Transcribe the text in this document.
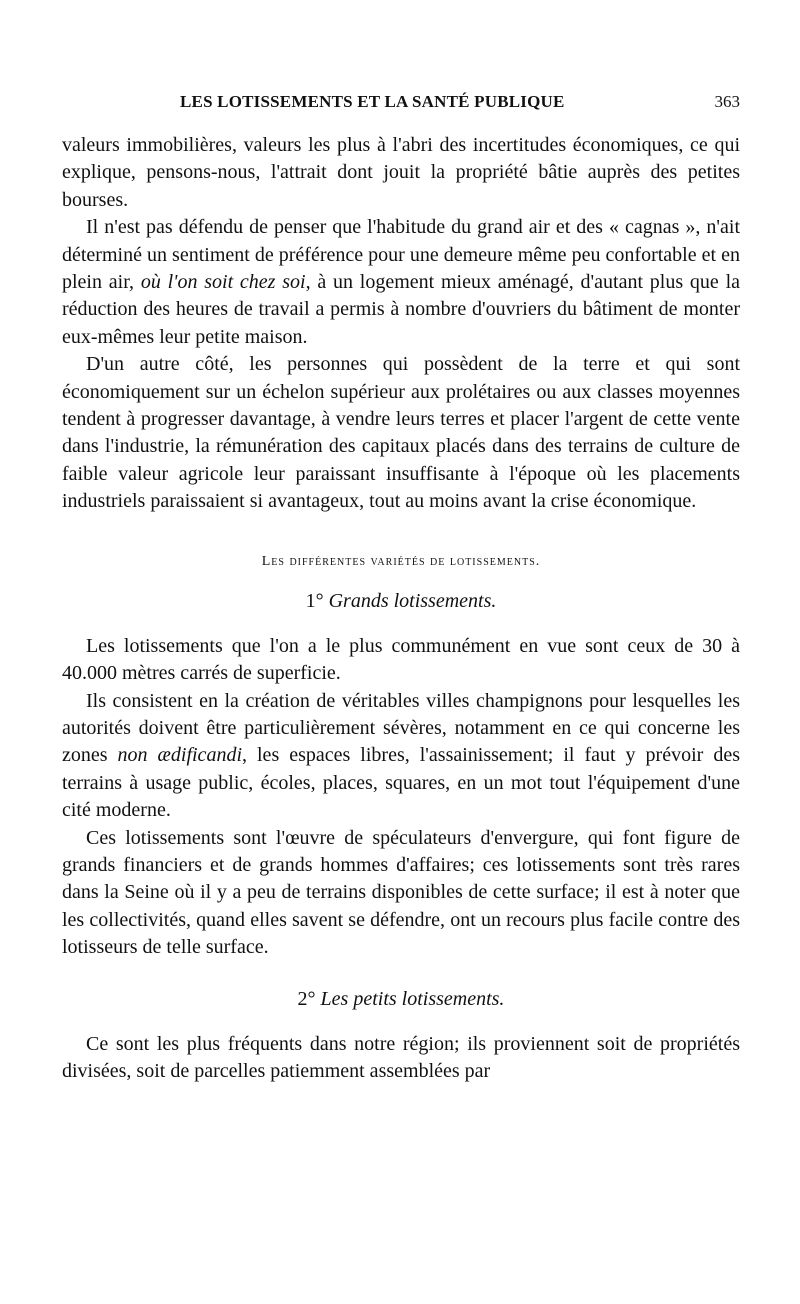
LES LOTISSEMENTS ET LA SANTÉ PUBLIQUE	363

valeurs immobilières, valeurs les plus à l'abri des incertitudes économiques, ce qui explique, pensons-nous, l'attrait dont jouit la propriété bâtie auprès des petites bourses.

Il n'est pas défendu de penser que l'habitude du grand air et des « cagnas », n'ait déterminé un sentiment de préférence pour une demeure même peu confortable et en plein air, où l'on soit chez soi, à un logement mieux aménagé, d'autant plus que la réduction des heures de travail a permis à nombre d'ouvriers du bâtiment de monter eux-mêmes leur petite maison.

D'un autre côté, les personnes qui possèdent de la terre et qui sont économiquement sur un échelon supérieur aux prolétaires ou aux classes moyennes tendent à progresser davantage, à vendre leurs terres et placer l'argent de cette vente dans l'industrie, la rémunération des capitaux placés dans des terrains de culture de faible valeur agricole leur paraissant insuffisante à l'époque où les placements industriels paraissaient si avantageux, tout au moins avant la crise économique.

Les différentes variétés de lotissements.
1° Grands lotissements.

Les lotissements que l'on a le plus communément en vue sont ceux de 30 à 40.000 mètres carrés de superficie.

Ils consistent en la création de véritables villes champignons pour lesquelles les autorités doivent être particulièrement sévères, notamment en ce qui concerne les zones non ædificandi, les espaces libres, l'assainissement; il faut y prévoir des terrains à usage public, écoles, places, squares, en un mot tout l'équipement d'une cité moderne.

Ces lotissements sont l'œuvre de spéculateurs d'envergure, qui font figure de grands financiers et de grands hommes d'affaires; ces lotissements sont très rares dans la Seine où il y a peu de terrains disponibles de cette surface; il est à noter que les collectivités, quand elles savent se défendre, ont un recours plus facile contre des lotisseurs de telle surface.

2° Les petits lotissements.

Ce sont les plus fréquents dans notre région; ils proviennent soit de propriétés divisées, soit de parcelles patiemment assemblées par
